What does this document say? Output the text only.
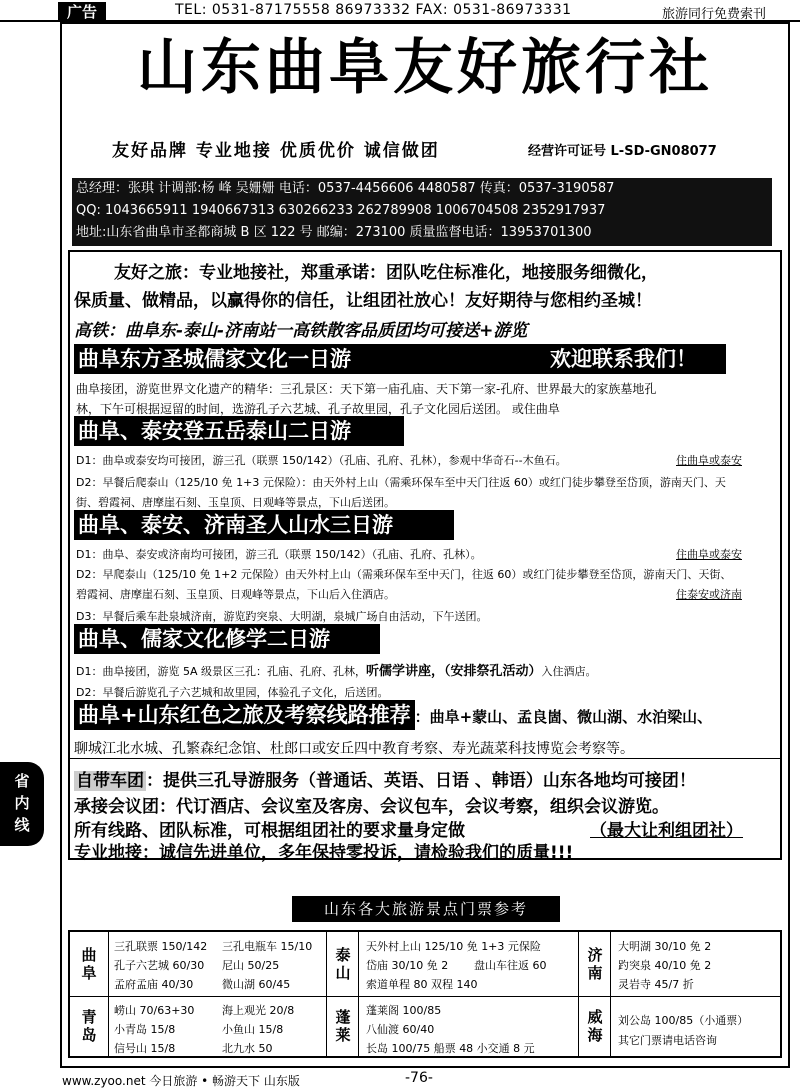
广告	TEL: 0531-87175558 86973332 FAX: 0531-86973331	旅游同行免费索刊
山东曲阜友好旅行社
友好品牌 专业地接 优质优价 诚信做团	经营许可证号 L-SD-GN08077
总经理：张琪 计调部:杨 峰 吴姗姗 电话：0537-4456606 4480587 传真：0537-3190587
QQ: 1043665911 1940667313 630266233 262789908 1006704508 2352917937
地址:山东省曲阜市圣都商城 B 区 122 号 邮编：273100 质量监督电话：13953701300
友好之旅：专业地接社，郑重承诺：团队吃住标准化，地接服务细微化，
保质量、做精品，以赢得你的信任，让组团社放心！友好期待与您相约圣城！
高铁：曲阜东-泰山-济南站一高铁散客品质团均可接送+游览
曲阜东方圣城儒家文化一日游	欢迎联系我们！
曲阜接团，游览世界文化遗产的精华：三孔景区：天下第一庙孔庙、天下第一家-孔府、世界最大的家族墓地孔
林，下午可根据逗留的时间，选游孔子六艺城、孔子故里园，孔子文化园后送团。 或住曲阜
曲阜、泰安登五岳泰山二日游
D1：曲阜或泰安均可接团，游三孔（联票 150/142）（孔庙、孔府、孔林），参观中华奇石--木鱼石。	住曲阜或泰安
D2：早餐后爬泰山（125/10 免 1+3 元保险）：由天外村上山（需乘环保车至中天门往返 60）或红门徒步攀登至岱顶，游南天门、天
街、碧霞祠、唐摩崖石刻、玉皇顶、日观峰等景点，下山后送团。
曲阜、泰安、济南圣人山水三日游
D1：曲阜、泰安或济南均可接团，游三孔（联票 150/142）（孔庙、孔府、孔林）。	住曲阜或泰安
D2：早爬泰山（125/10 免 1+2 元保险）由天外村上山（需乘环保车至中天门，往返 60）或红门徒步攀登至岱顶，游南天门、天街、
碧霞祠、唐摩崖石刻、玉皇顶、日观峰等景点，下山后入住酒店。	住泰安或济南
D3：早餐后乘车赴泉城济南，游览趵突泉、大明湖，泉城广场自由活动，下午送团。
曲阜、儒家文化修学二日游
D1：曲阜接团，游览 5A 级景区三孔：孔庙、孔府、孔林，听儒学讲座，（安排祭孔活动）入住酒店。
D2：早餐后游览孔子六艺城和故里园，体验孔子文化，后送团。
曲阜+山东红色之旅及考察线路推荐 ：曲阜+蒙山、孟良崮、微山湖、水泊梁山、
聊城江北水城、孔繁森纪念馆、杜郎口或安丘四中教育考察、寿光蔬菜科技博览会考察等。
自带车团 ：提供三孔导游服务（普通话、英语、日语 、韩语）山东各地均可接团！
承接会议团：代订酒店、会议室及客房、会议包车，会议考察，组织会议游览。
所有线路、团队标准，可根据组团社的要求量身定做	（最大让利组团社）
专业地接：诚信先进单位，多年保持零投诉，请检验我们的质量!!!
山东各大旅游景点门票参考
曲阜
三孔联票 150/142 三孔电瓶车 15/10
孔子六艺城 60/30 尼山 50/25
孟府孟庙 40/30	微山湖 60/45
泰山
天外村上山 125/10 免 1+3 元保险
岱庙 30/10 免 2 盘山车往返 60
索道单程 80 双程 140
济南
大明湖 30/10 免 2
趵突泉 40/10 免 2
灵岩寺 45/7 折
青岛
崂山 70/63+30	海上观光 20/8
小青岛 15/8	小鱼山 15/8
信号山 15/8	北九水 50
蓬莱
蓬莱阁 100/85
八仙渡 60/40
长岛 100/75 船票 48 小交通 8 元
威海
刘公岛 100/85（小通票）
其它门票请电话咨询
省
内
线
www.zyoo.net 今日旅游 • 畅游天下 山东版	-76-
